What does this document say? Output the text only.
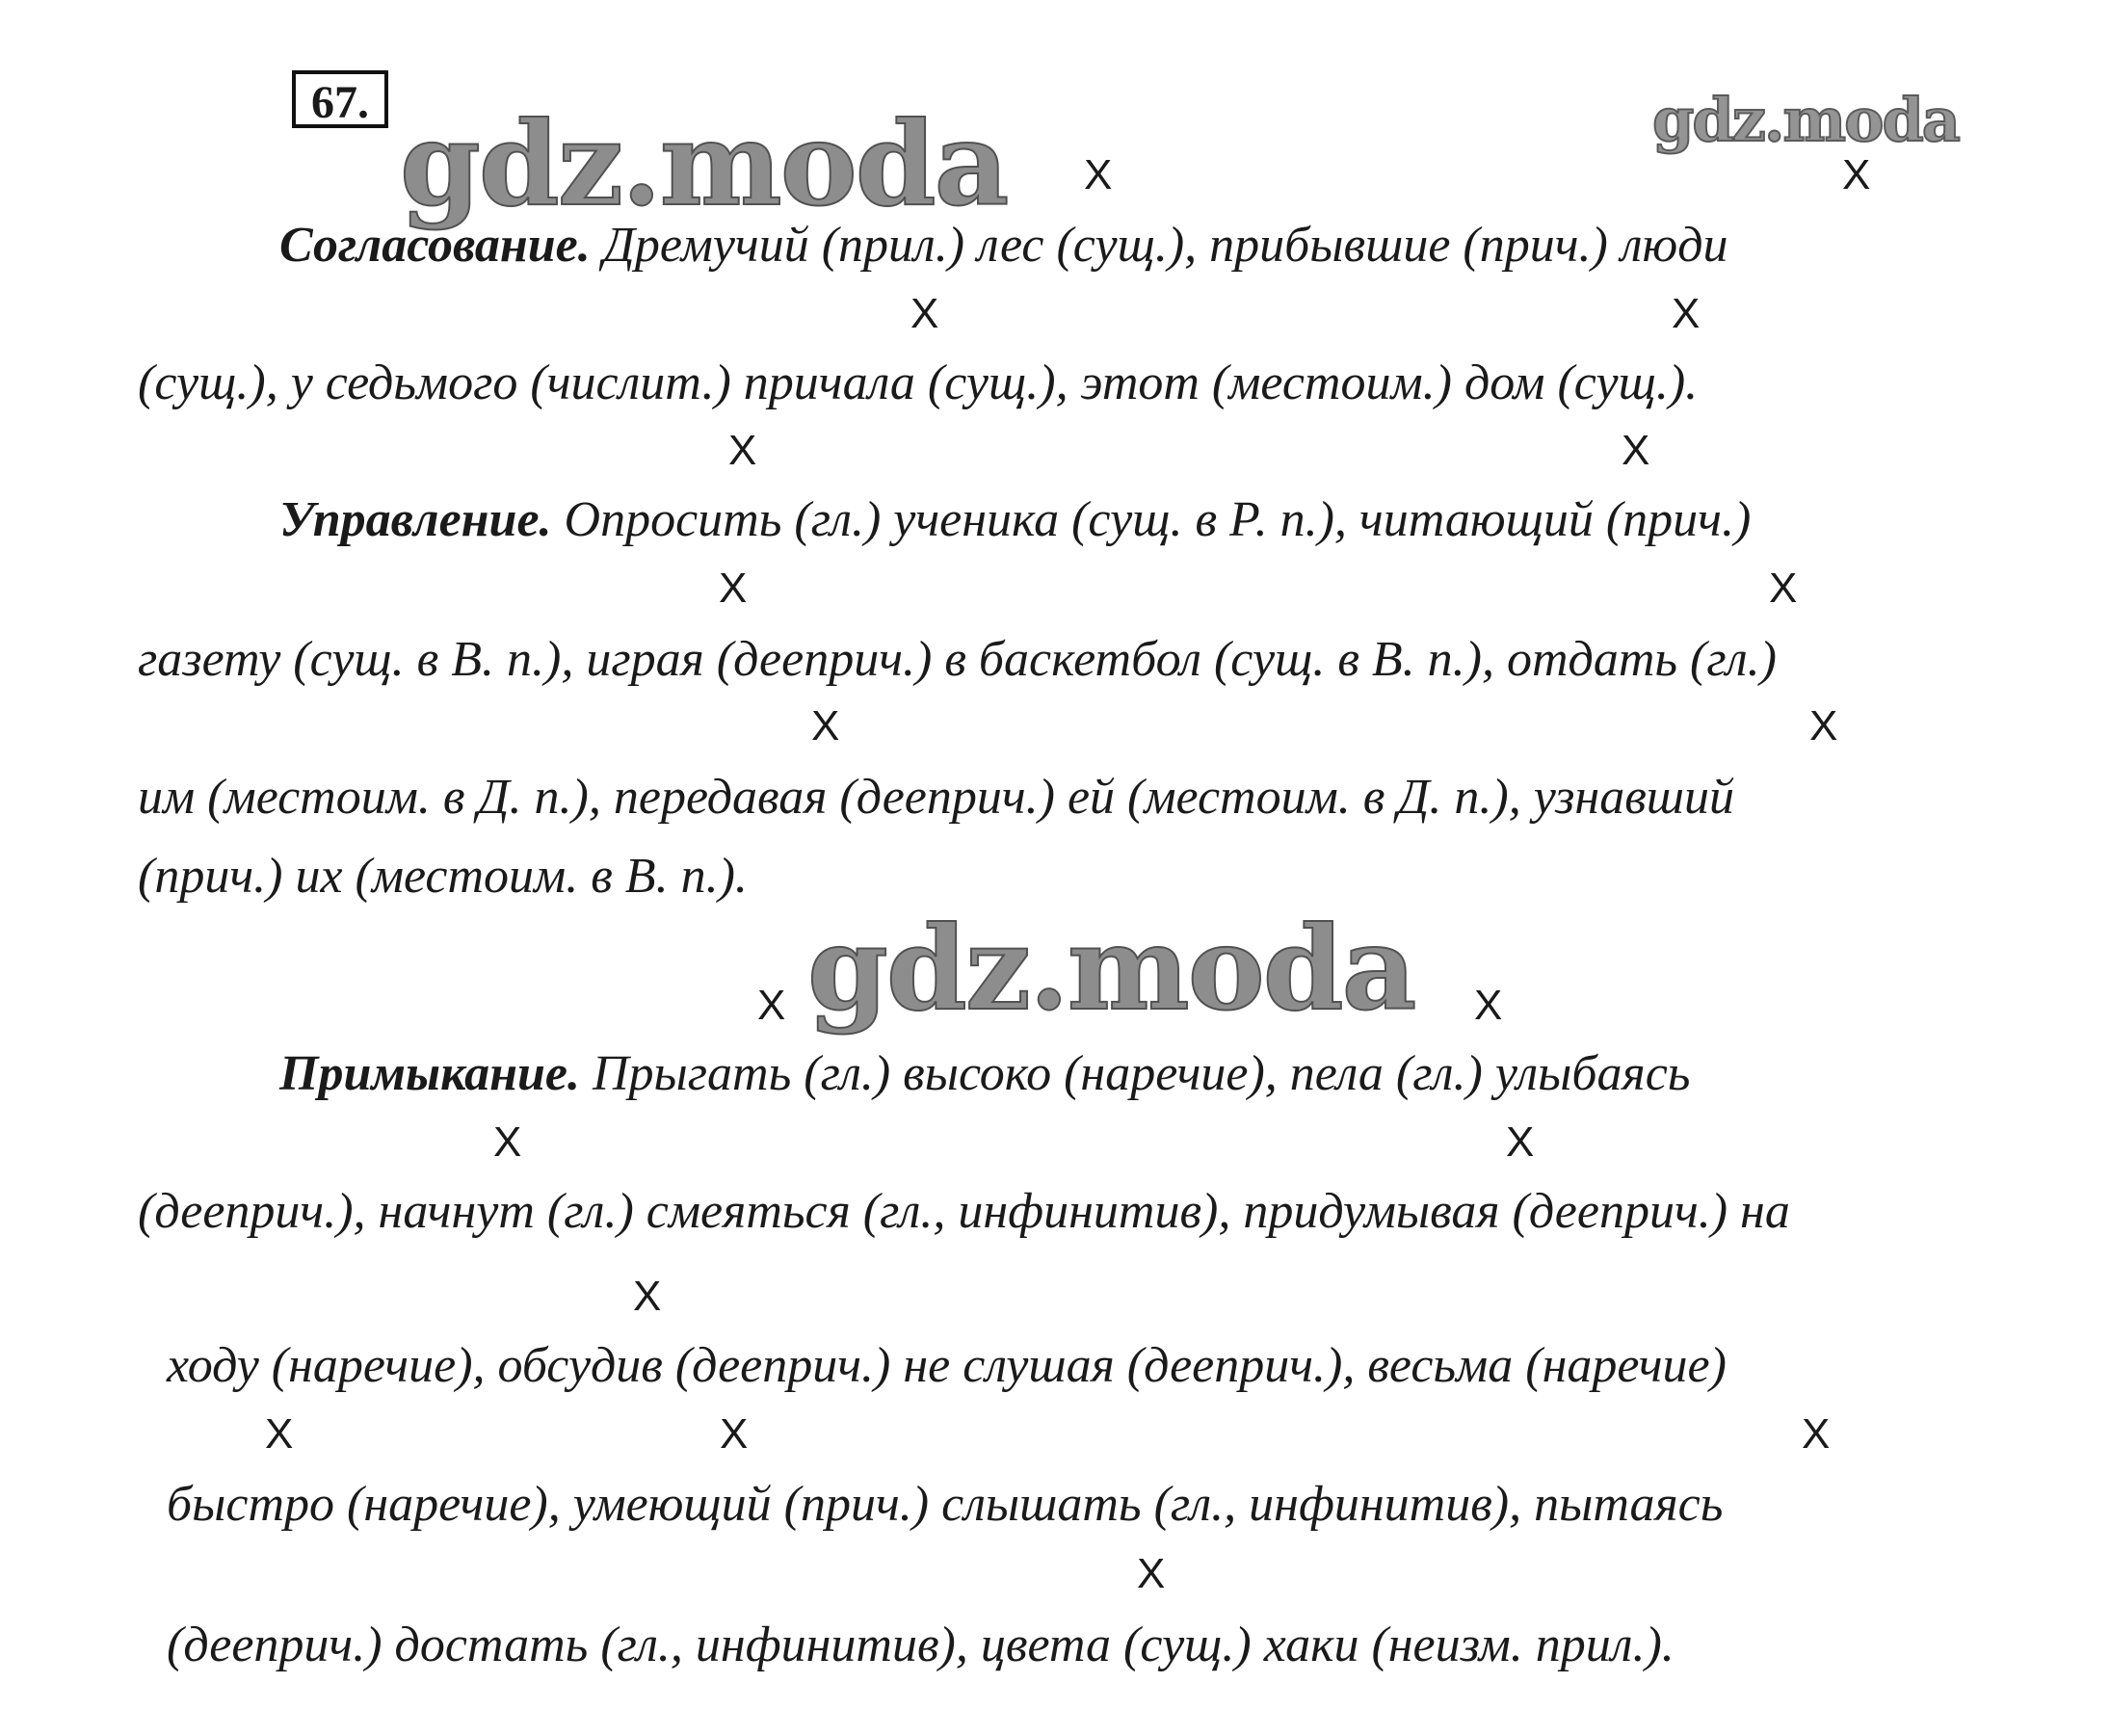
67. gdz.moda	gdz.moda
gdz.moda
X	X
Согласование. Дремучий (прил.) лес (сущ.), прибывшие (прич.) люди
X	X
(сущ.), у седьмого (числит.) причала (сущ.), этот (местоим.) дом (сущ.).
X	X
Управление. Опросить (гл.) ученика (сущ. в Р. п.), читающий (прич.)
X	X
газету (сущ. в В. п.), играя (дееприч.) в баскетбол (сущ. в В. п.), отдать (гл.)
X	X
им (местоим. в Д. п.), передавая (дееприч.) ей (местоим. в Д. п.), узнавший
(прич.) их (местоим. в В. п.).
X	X
Примыкание. Прыгать (гл.) высоко (наречие), пела (гл.) улыбаясь
X	X
(дееприч.), начнут (гл.) смеяться (гл., инфинитив), придумывая (дееприч.) на
X
ходу (наречие), обсудив (дееприч.) не слушая (дееприч.), весьма (наречие)
X	X	X
быстро (наречие), умеющий (прич.) слышать (гл., инфинитив), пытаясь
X
(дееприч.) достать (гл., инфинитив), цвета (сущ.) хаки (неизм. прил.).
